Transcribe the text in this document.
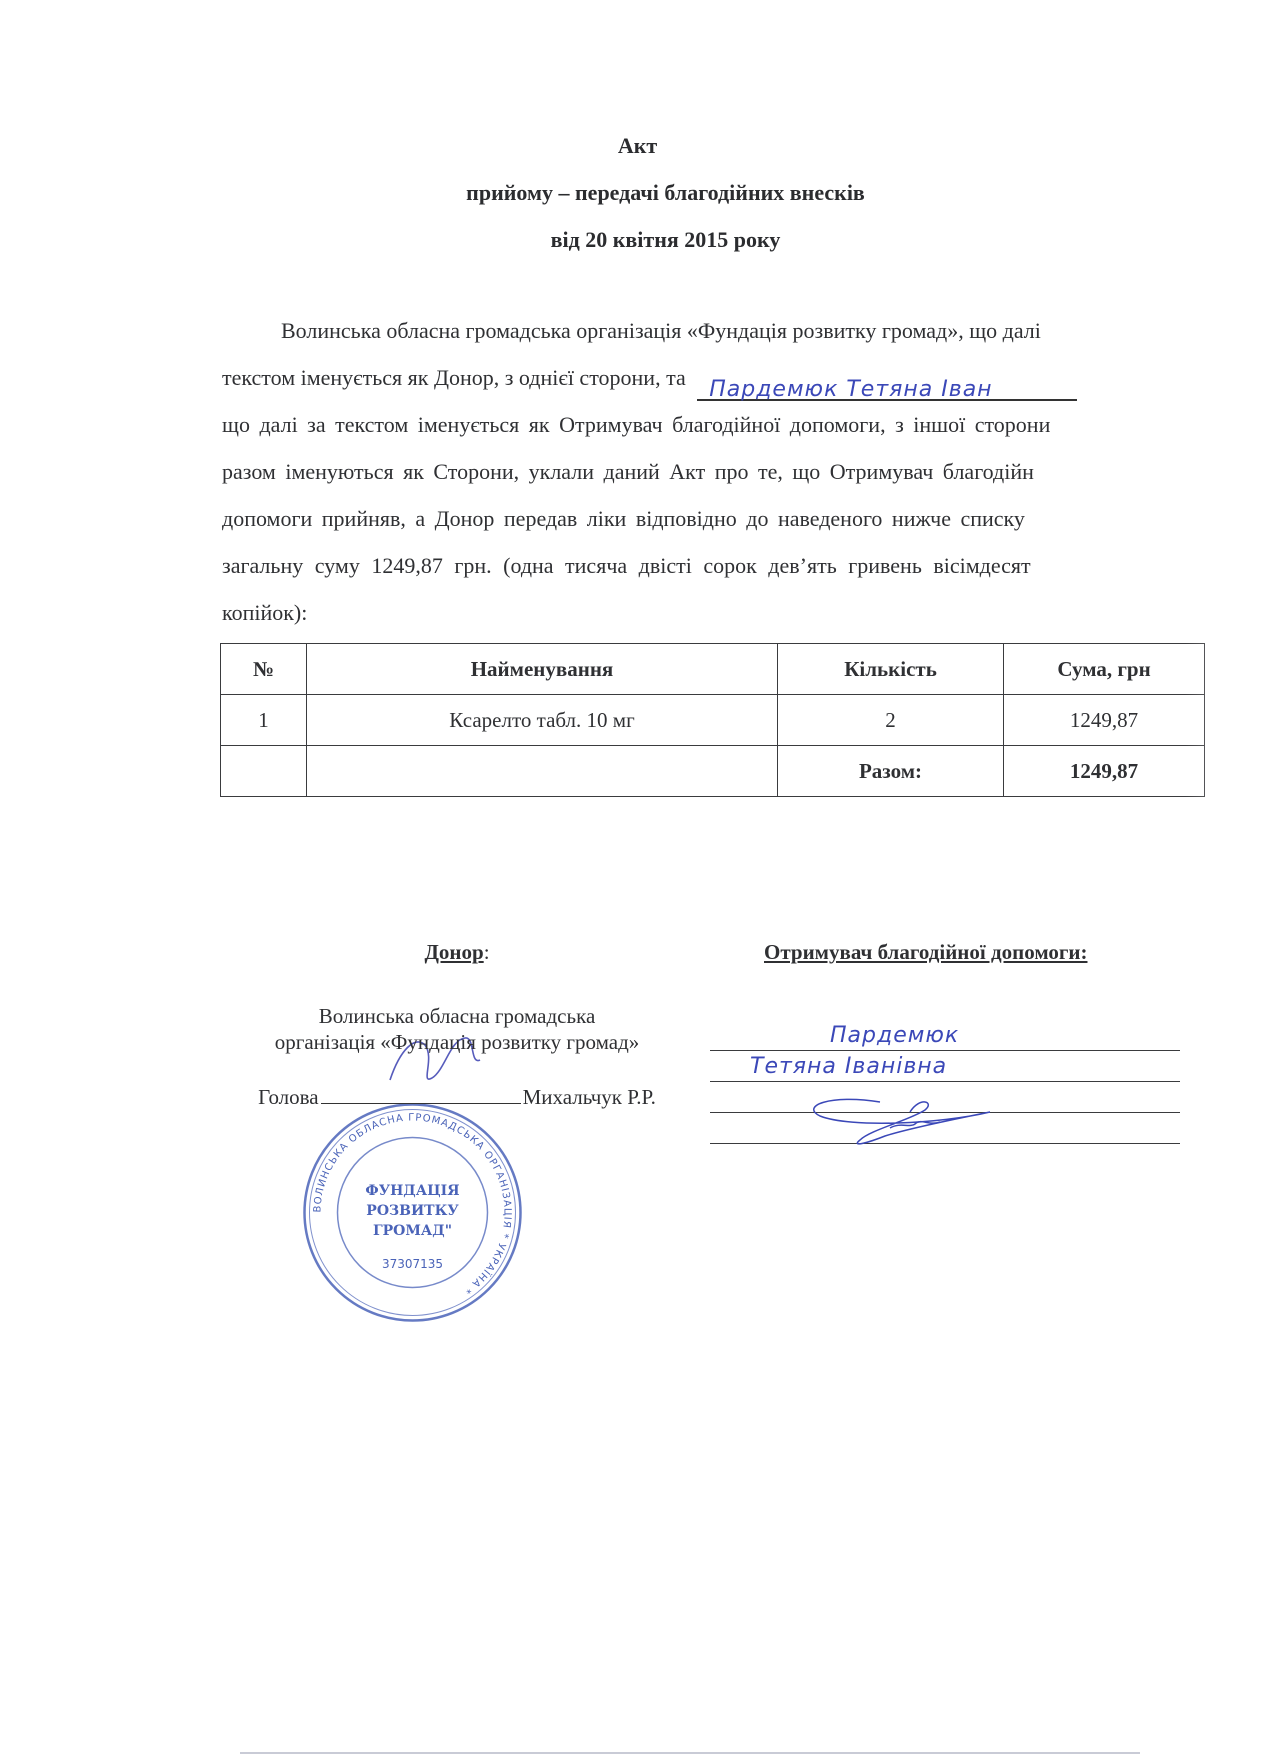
Акт
прийому – передачі благодійних внесків
від 20 квітня 2015 року
Волинська обласна громадська організація «Фундація розвитку громад», що далі
текстом іменується як Донор, з однієї сторони, та Пардемюк Тетяна Іван
що далі за текстом іменується як Отримувач благодійної допомоги, з іншої сторони
разом іменуються як Сторони, уклали даний Акт про те, що Отримувач благодійн
допомоги прийняв, а Донор передав ліки відповідно до наведеного нижче списку
загальну суму 1249,87 грн. (одна тисяча двісті сорок дев’ять гривень вісімдесят
копійок):
№	Найменування	Кількість	Сума, грн
1	Ксарелто табл. 10 мг	2	1249,87
		Разом:	1249,87
Донор:
Волинська обласна громадська
організація «Фундація розвитку громад»
Голова	Михальчук Р.Р.
ВОЛИНСЬКА ОБЛАСНА ГРОМАДСЬКА ОРГАНІЗАЦІЯ * УКРАЇНА *
ФУНДАЦІЯ
РОЗВИТКУ
ГРОМАД"
37307135
Отримувач благодійної допомоги:
Пардемюк
Тетяна Іванівна
